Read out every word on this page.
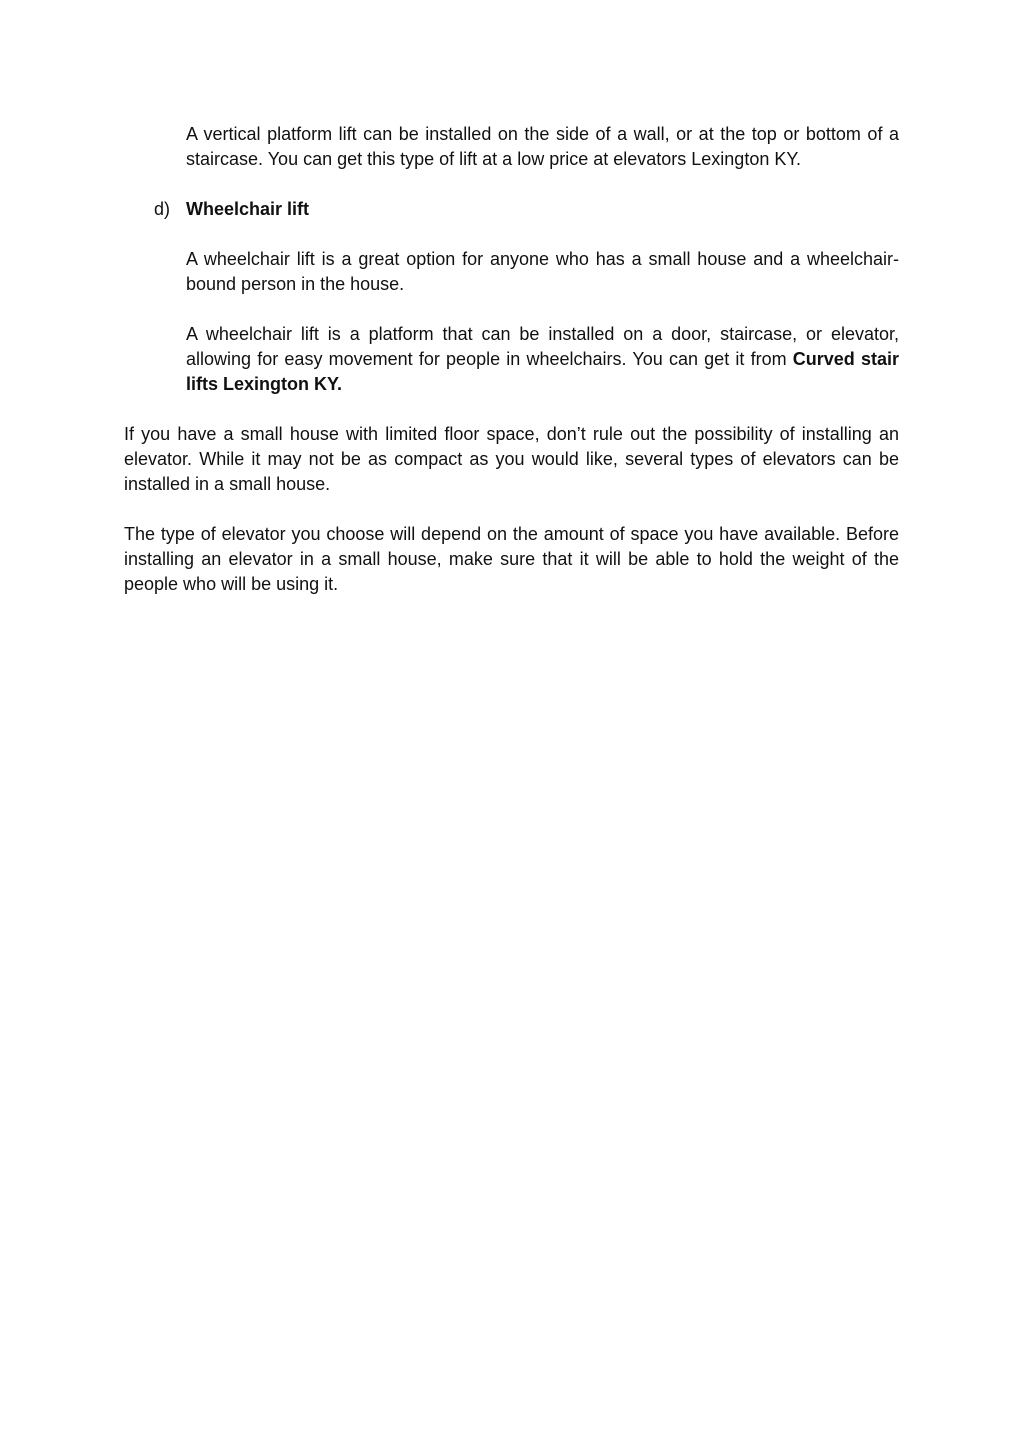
A vertical platform lift can be installed on the side of a wall, or at the top or bottom of a staircase. You can get this type of lift at a low price at elevators Lexington KY.

d) Wheelchair lift

A wheelchair lift is a great option for anyone who has a small house and a wheelchair-bound person in the house.

A wheelchair lift is a platform that can be installed on a door, staircase, or elevator, allowing for easy movement for people in wheelchairs. You can get it from Curved stair lifts Lexington KY.

If you have a small house with limited floor space, don’t rule out the possibility of installing an elevator. While it may not be as compact as you would like, several types of elevators can be installed in a small house.

The type of elevator you choose will depend on the amount of space you have available. Before installing an elevator in a small house, make sure that it will be able to hold the weight of the people who will be using it.
